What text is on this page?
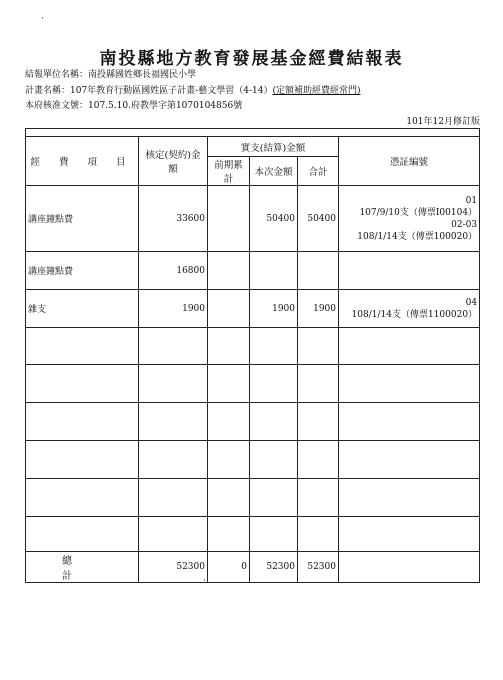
南投縣地方教育發展基金經費結報表
結報單位名稱：南投縣國姓鄉長福國民小學
計畫名稱：107年教育行動區國姓區子計畫-藝文學習（4-14）(定額補助經費經常門)
本府核准文號：107.5.10.府教學字第1070104856號
101年12月修訂版

經 費 項 目	核定(契約)金額	實支(結算)金額			憑証編號
		前期累計	本次金額	合計	
講座鐘點費	33600		50400	50400	01
107/9/10支（傳票I00104）
02-03
108/1/14支（傳票100020）

講座鐘點費	16800				
雜支	1900		1900	1900	04
108/1/14支（傳票1100020）

總 計	52300	0	52300	52300	
·
·
